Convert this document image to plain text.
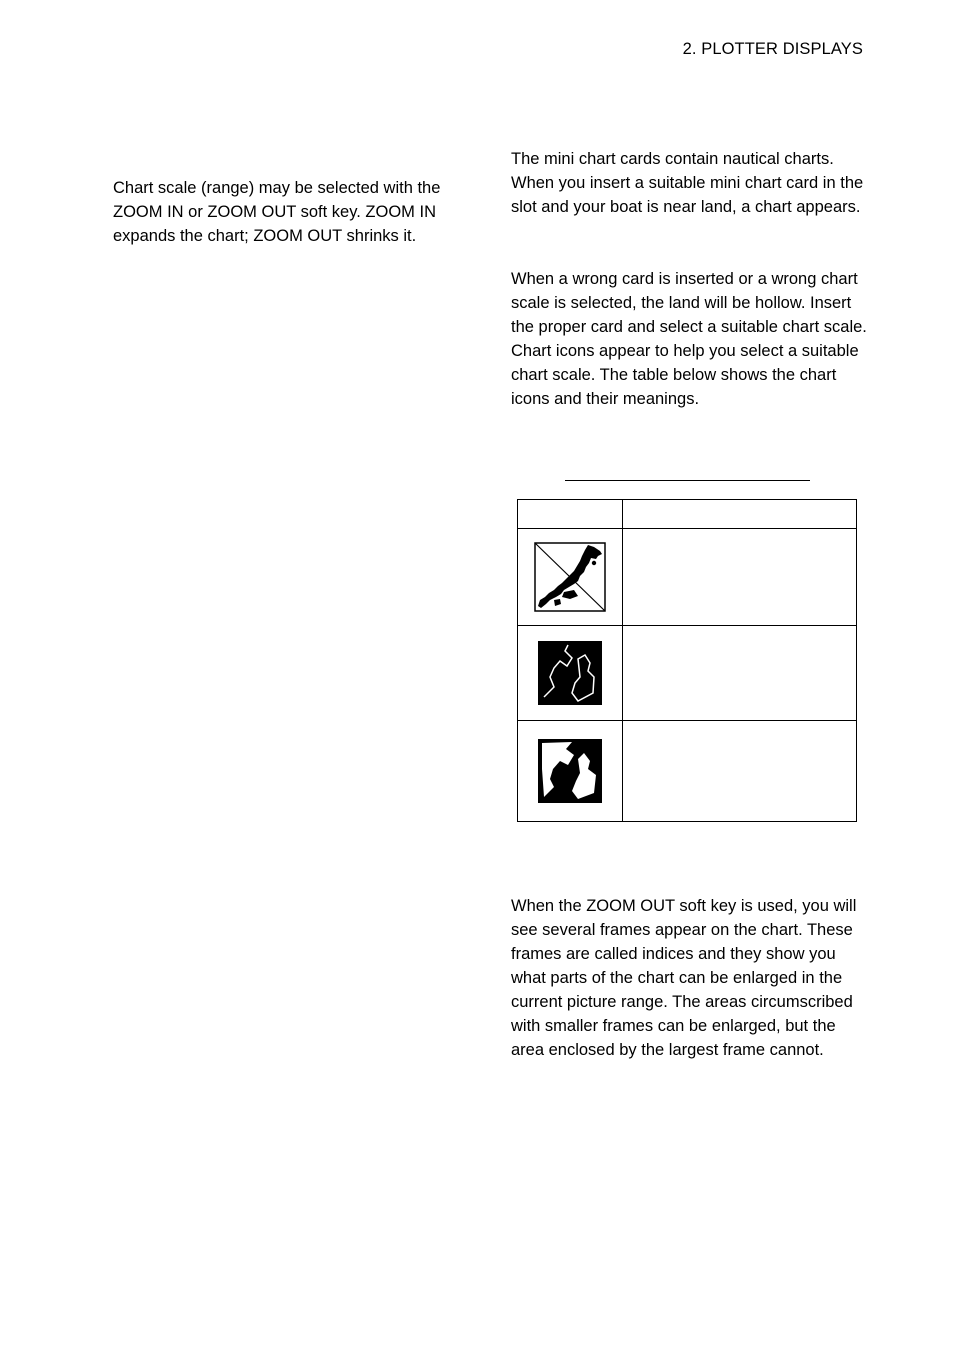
2. PLOTTER DISPLAYS

Chart scale (range) may be selected with the ZOOM IN or ZOOM OUT soft key. ZOOM IN expands the chart; ZOOM OUT shrinks it.

The mini chart cards contain nautical charts. When you insert a suitable mini chart card in the slot and your boat is near land, a chart appears.

When a wrong card is inserted or a wrong chart scale is selected, the land will be hollow. Insert the proper card and select a suitable chart scale. Chart icons appear to help you select a suitable chart scale. The table below shows the chart icons and their meanings.

When the ZOOM OUT soft key is used, you will see several frames appear on the chart. These frames are called indices and they show you what parts of the chart can be enlarged in the current picture range. The areas circumscribed with smaller frames can be enlarged, but the area enclosed by the largest frame cannot.
